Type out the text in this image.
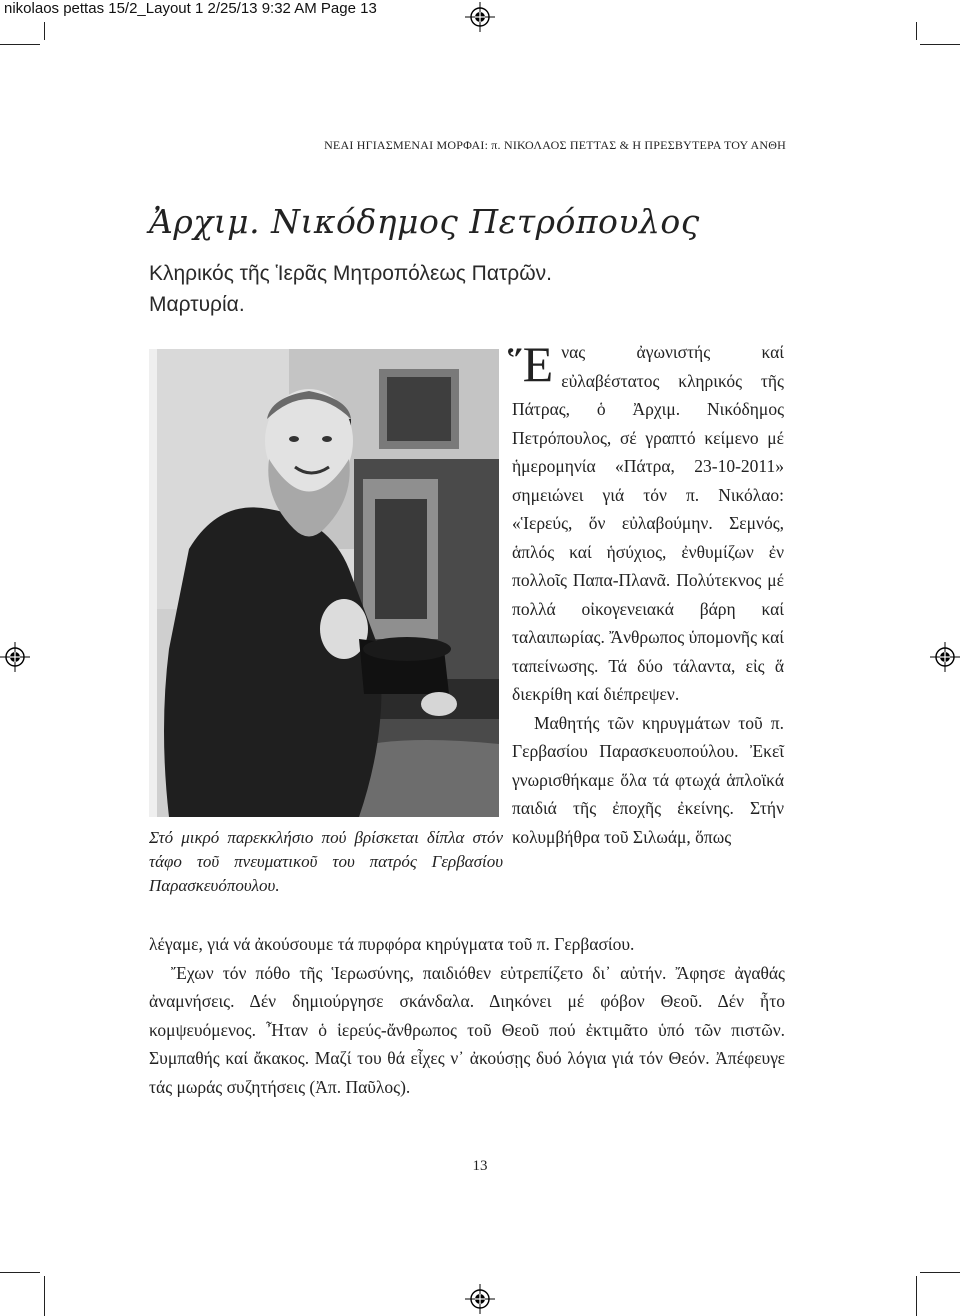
nikolaos pettas 15/2_Layout 1 2/25/13 9:32 AM Page 13
ΝΕΑΙ ΗΓΙΑΣΜΕΝΑΙ ΜΟΡΦΑΙ: π. ΝΙΚΟΛΑΟΣ ΠΕΤΤΑΣ & Η ΠΡΕΣΒΥΤΕΡΑ ΤΟΥ ΑΝΘΗ
Ἀρχιμ. Νικόδημος Πετρόπουλος
Κληρικός τῆς Ἱερᾶς Μητροπόλεως Πατρῶν.
Μαρτυρία.
Στό μικρό παρεκκλήσιο πού βρίσκεται δίπλα στόν τάφο τοῦ πνευματικοῦ του πατρός Γερβασίου Παρασκευόπουλου.

Ἕνας ἀγωνιστής καί εὐλαβέστατος κληρικός τῆς Πάτρας, ὁ Ἀρχιμ. Νικόδημος Πετρόπουλος, σέ γραπτό κείμενο μέ ἡμερομηνία «Πάτρα, 23-10-2011» σημειώνει γιά τόν π. Νικόλαο: «Ἱερεύς, ὅν εὐλαβούμην. Σεμνός, ἁπλός καί ἡσύχιος, ἐνθυμίζων ἐν πολλοῖς Παπα-Πλανᾶ. Πολύτεκνος μέ πολλά οἰκογενειακά βάρη καί ταλαιπωρίας. Ἄνθρωπος ὑπομονῆς καί ταπείνωσης. Τά δύο τάλαντα, εἰς ἅ διεκρίθη καί διέπρεψεν.

Μαθητής τῶν κηρυγμάτων τοῦ π. Γερβασίου Παρασκευοπούλου. Ἐκεῖ γνωρισθήκαμε ὅλα τά φτωχά ἁπλοϊκά παιδιά τῆς ἐποχῆς ἐκείνης. Στήν κολυμβήθρα τοῦ Σιλωάμ, ὅπως

λέγαμε, γιά νά ἀκούσουμε τά πυρφόρα κηρύγματα τοῦ π. Γερβασίου.

Ἔχων τόν πόθο τῆς Ἱερωσύνης, παιδιόθεν εὐτρεπίζετο δι᾽ αὐτήν. Ἄφησε ἀγαθάς ἀναμνήσεις. Δέν δημιούργησε σκάνδαλα. Διηκόνει μέ φόβον Θεοῦ. Δέν ἦτο κομψευόμενος. Ἦταν ὁ ἱερεύς-ἄνθρωπος τοῦ Θεοῦ πού ἐκτιμᾶτο ὑπό τῶν πιστῶν. Συμπαθής καί ἄκακος. Μαζί του θά εἶχες ν᾽ ἀκούσῃς δυό λόγια γιά τόν Θεόν. Ἀπέφευγε τάς μωράς συζητήσεις (Ἀπ. Παῦλος).

13
